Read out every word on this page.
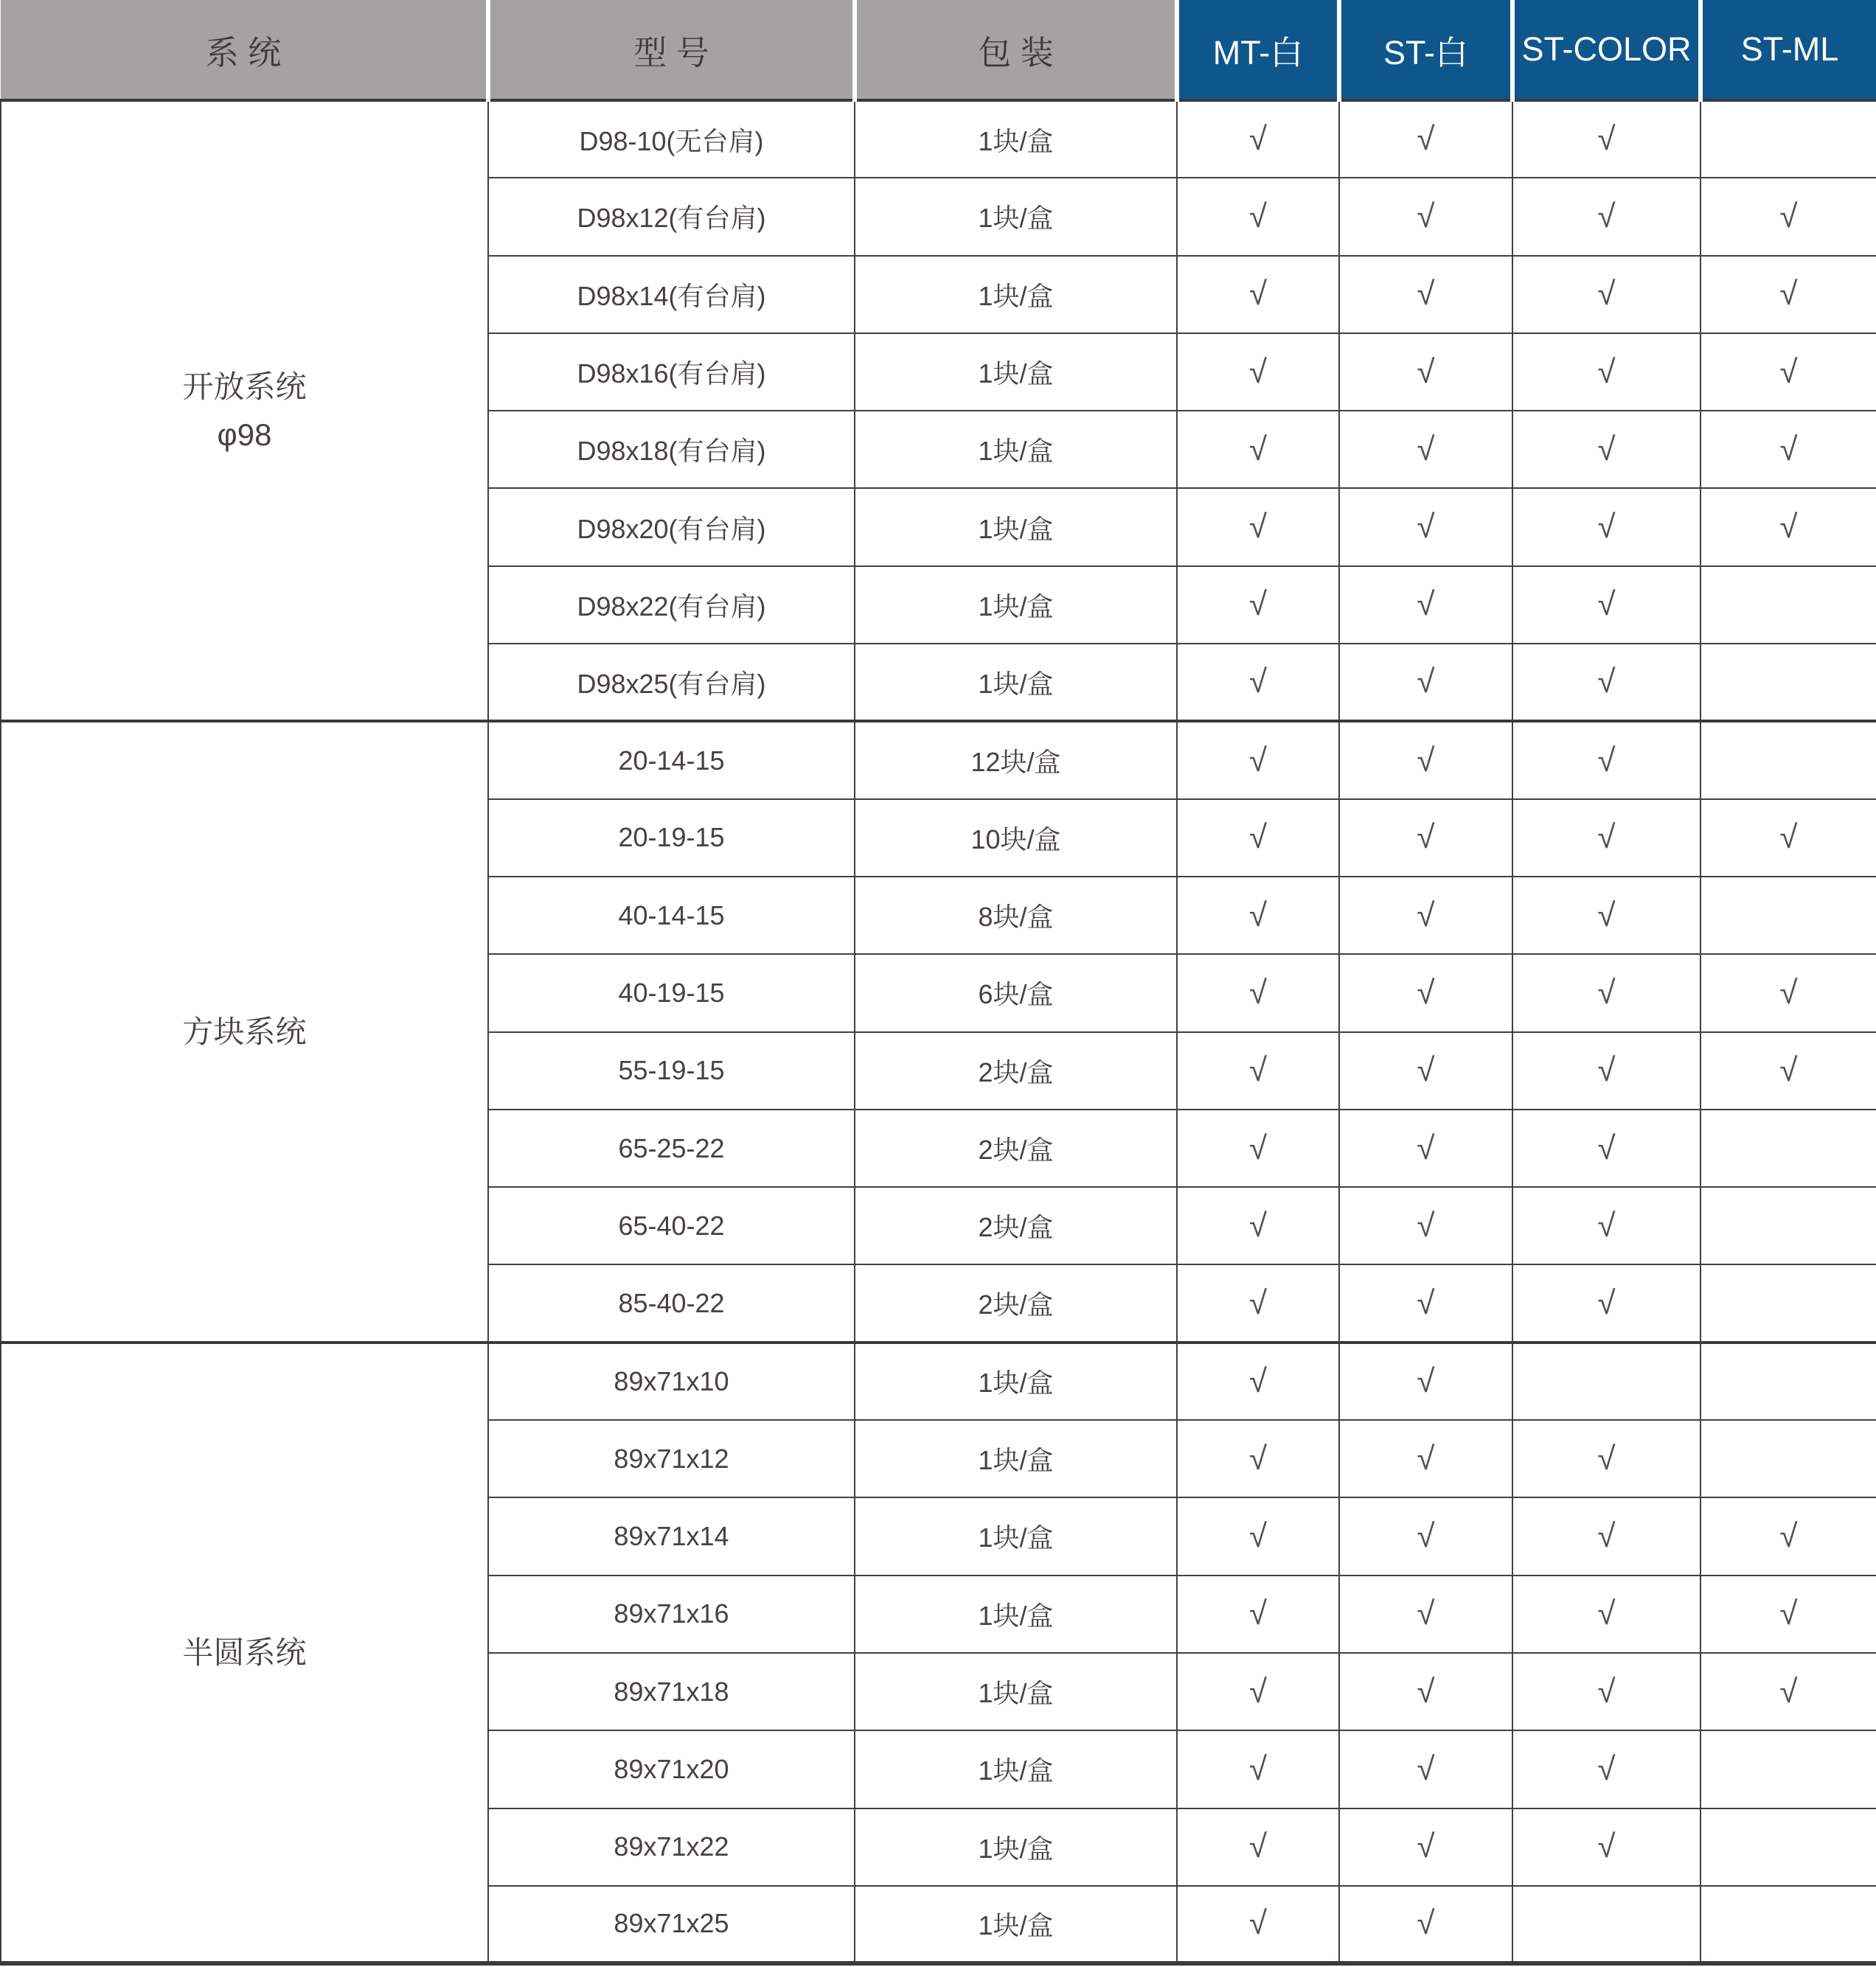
系 统	型 号	包 装	MT-白	ST-白	ST-COLOR	ST-ML

开放系统
φ98	D98-10(无台肩)	1块/盒	√	√	√	
	D98x12(有台肩)	1块/盒	√	√	√	√
	D98x14(有台肩)	1块/盒	√	√	√	√
	D98x16(有台肩)	1块/盒	√	√	√	√
	D98x18(有台肩)	1块/盒	√	√	√	√
	D98x20(有台肩)	1块/盒	√	√	√	√
	D98x22(有台肩)	1块/盒	√	√	√	
	D98x25(有台肩)	1块/盒	√	√	√	

方块系统	20-14-15	12块/盒	√	√	√	
	20-19-15	10块/盒	√	√	√	√
	40-14-15	8块/盒	√	√	√	
	40-19-15	6块/盒	√	√	√	√
	55-19-15	2块/盒	√	√	√	√
	65-25-22	2块/盒	√	√	√	
	65-40-22	2块/盒	√	√	√	
	85-40-22	2块/盒	√	√	√	

半圆系统	89x71x10	1块/盒	√	√		
	89x71x12	1块/盒	√	√	√	
	89x71x14	1块/盒	√	√	√	√
	89x71x16	1块/盒	√	√	√	√
	89x71x18	1块/盒	√	√	√	√
	89x71x20	1块/盒	√	√	√	
	89x71x22	1块/盒	√	√	√	
	89x71x25	1块/盒	√	√		
